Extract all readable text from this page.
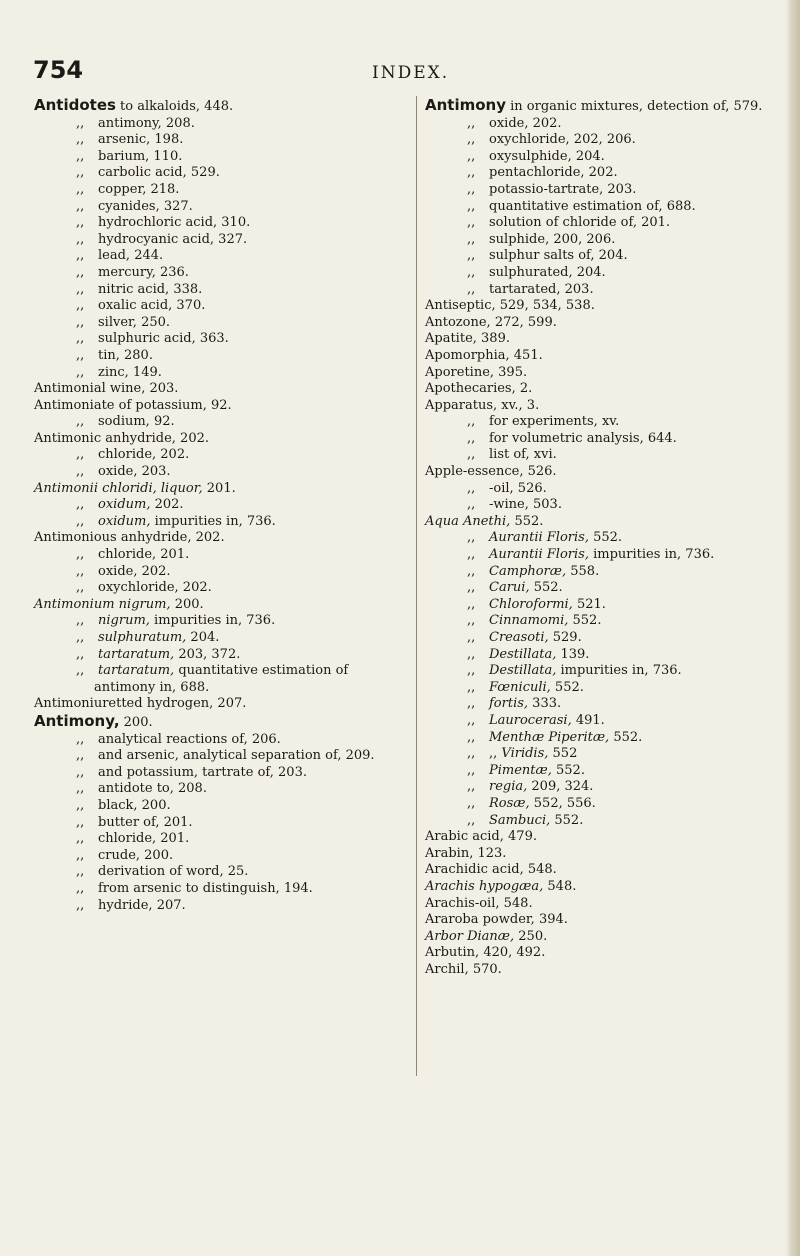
754	INDEX.
Antidotes to alkaloids, 448.
,, antimony, 208.
,, arsenic, 198.
,, barium, 110.
,, carbolic acid, 529.
,, copper, 218.
,, cyanides, 327.
,, hydrochloric acid, 310.
,, hydrocyanic acid, 327.
,, lead, 244.
,, mercury, 236.
,, nitric acid, 338.
,, oxalic acid, 370.
,, silver, 250.
,, sulphuric acid, 363.
,, tin, 280.
,, zinc, 149.
Antimonial wine, 203.
Antimoniate of potassium, 92.
,, sodium, 92.
Antimonic anhydride, 202.
,, chloride, 202.
,, oxide, 203.
Antimonii chloridi, liquor, 201.
,, oxidum, 202.
,, oxidum, impurities in, 736.
Antimonious anhydride, 202.
,, chloride, 201.
,, oxide, 202.
,, oxychloride, 202.
Antimonium nigrum, 200.
,, nigrum, impurities in, 736.
,, sulphuratum, 204.
,, tartaratum, 203, 372.
,, tartaratum, quantitative estimation of antimony in, 688.
Antimoniuretted hydrogen, 207.
Antimony, 200.
,, analytical reactions of, 206.
,, and arsenic, analytical separation of, 209.
,, and potassium, tartrate of, 203.
,, antidote to, 208.
,, black, 200.
,, butter of, 201.
,, chloride, 201.
,, crude, 200.
,, derivation of word, 25.
,, from arsenic to distinguish, 194.
,, hydride, 207.
Antimony in organic mixtures, detection of, 579.
,, oxide, 202.
,, oxychloride, 202, 206.
,, oxysulphide, 204.
,, pentachloride, 202.
,, potassio-tartrate, 203.
,, quantitative estimation of, 688.
,, solution of chloride of, 201.
,, sulphide, 200, 206.
,, sulphur salts of, 204.
,, sulphurated, 204.
,, tartarated, 203.
Antiseptic, 529, 534, 538.
Antozone, 272, 599.
Apatite, 389.
Apomorphia, 451.
Aporetine, 395.
Apothecaries, 2.
Apparatus, xv., 3.
,, for experiments, xv.
,, for volumetric analysis, 644.
,, list of, xvi.
Apple-essence, 526.
,, -oil, 526.
,, -wine, 503.
Aqua Anethi, 552.
,, Aurantii Floris, 552.
,, Aurantii Floris, impurities in, 736.
,, Camphoræ, 558.
,, Carui, 552.
,, Chloroformi, 521.
,, Cinnamomi, 552.
,, Creasoti, 529.
,, Destillata, 139.
,, Destillata, impurities in, 736.
,, Fœniculi, 552.
,, fortis, 333.
,, Laurocerasi, 491.
,, Menthæ Piperitæ, 552.
,, ,, Viridis, 552
,, Pimentæ, 552.
,, regia, 209, 324.
,, Rosæ, 552, 556.
,, Sambuci, 552.
Arabic acid, 479.
Arabin, 123.
Arachidic acid, 548.
Arachis hypogæa, 548.
Arachis-oil, 548.
Araroba powder, 394.
Arbor Dianæ, 250.
Arbutin, 420, 492.
Archil, 570.
